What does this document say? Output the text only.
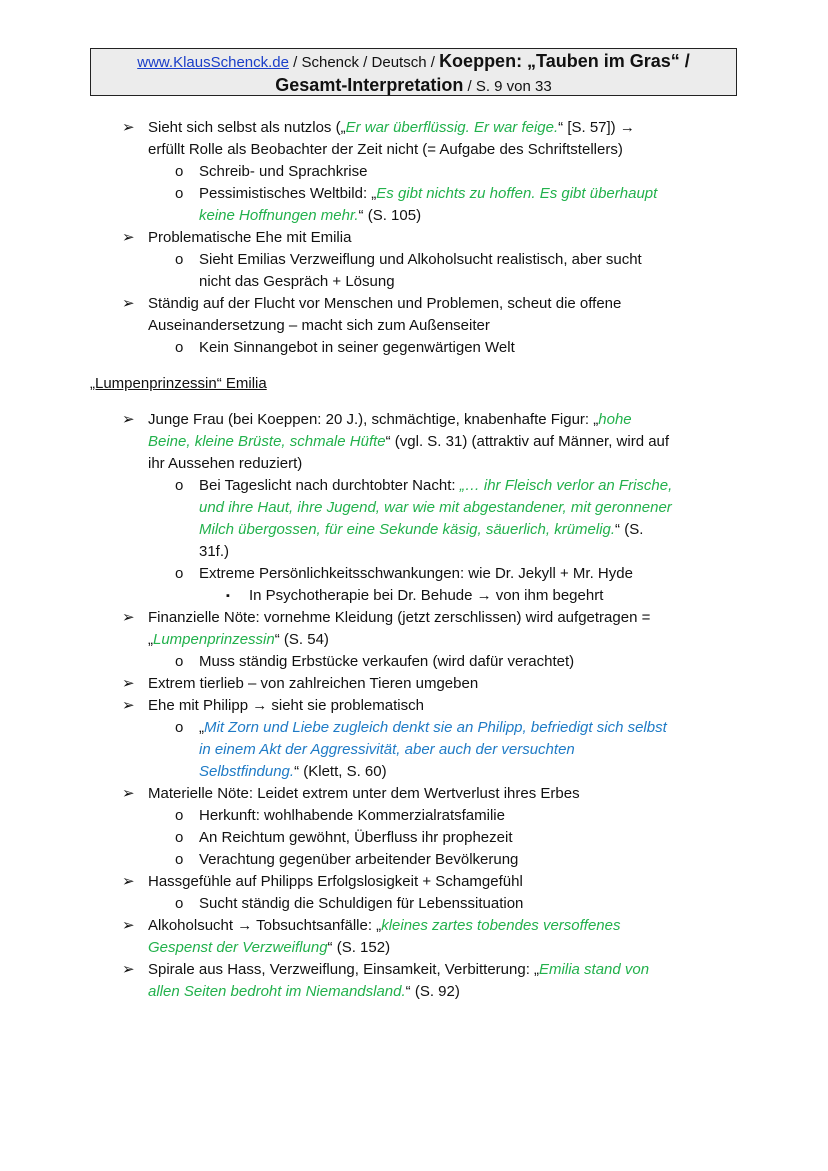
www.KlausSchenck.de / Schenck / Deutsch / Koeppen: „Tauben im Gras“ /
Gesamt-Interpretation / S. 9 von 33
➢ Sieht sich selbst als nutzlos („Er war überflüssig. Er war feige.“ [S. 57]) →
erfüllt Rolle als Beobachter der Zeit nicht (= Aufgabe des Schriftstellers)
o Schreib- und Sprachkrise
o Pessimistisches Weltbild: „Es gibt nichts zu hoffen. Es gibt überhaupt
keine Hoffnungen mehr.“ (S. 105)
➢ Problematische Ehe mit Emilia
o Sieht Emilias Verzweiflung und Alkoholsucht realistisch, aber sucht
nicht das Gespräch + Lösung
➢ Ständig auf der Flucht vor Menschen und Problemen, scheut die offene
Auseinandersetzung – macht sich zum Außenseiter
o Kein Sinnangebot in seiner gegenwärtigen Welt
„Lumpenprinzessin“ Emilia
➢ Junge Frau (bei Koeppen: 20 J.), schmächtige, knabenhafte Figur: „hohe
Beine, kleine Brüste, schmale Hüfte“ (vgl. S. 31) (attraktiv auf Männer, wird auf
ihr Aussehen reduziert)
o Bei Tageslicht nach durchtobter Nacht: „… ihr Fleisch verlor an Frische,
und ihre Haut, ihre Jugend, war wie mit abgestandener, mit geronnener
Milch übergossen, für eine Sekunde käsig, säuerlich, krümelig.“ (S.
31f.)
o Extreme Persönlichkeitsschwankungen: wie Dr. Jekyll + Mr. Hyde
▪ In Psychotherapie bei Dr. Behude → von ihm begehrt
➢ Finanzielle Nöte: vornehme Kleidung (jetzt zerschlissen) wird aufgetragen =
„Lumpenprinzessin“ (S. 54)
o Muss ständig Erbstücke verkaufen (wird dafür verachtet)
➢ Extrem tierlieb – von zahlreichen Tieren umgeben
➢ Ehe mit Philipp → sieht sie problematisch
o „Mit Zorn und Liebe zugleich denkt sie an Philipp, befriedigt sich selbst
in einem Akt der Aggressivität, aber auch der versuchten
Selbstfindung.“ (Klett, S. 60)
➢ Materielle Nöte: Leidet extrem unter dem Wertverlust ihres Erbes
o Herkunft: wohlhabende Kommerzialratsfamilie
o An Reichtum gewöhnt, Überfluss ihr prophezeit
o Verachtung gegenüber arbeitender Bevölkerung
➢ Hassgefühle auf Philipps Erfolgslosigkeit + Schamgefühl
o Sucht ständig die Schuldigen für Lebenssituation
➢ Alkoholsucht → Tobsuchtsanfälle: „kleines zartes tobendes versoffenes
Gespenst der Verzweiflung“ (S. 152)
➢ Spirale aus Hass, Verzweiflung, Einsamkeit, Verbitterung: „Emilia stand von
allen Seiten bedroht im Niemandsland.“ (S. 92)
